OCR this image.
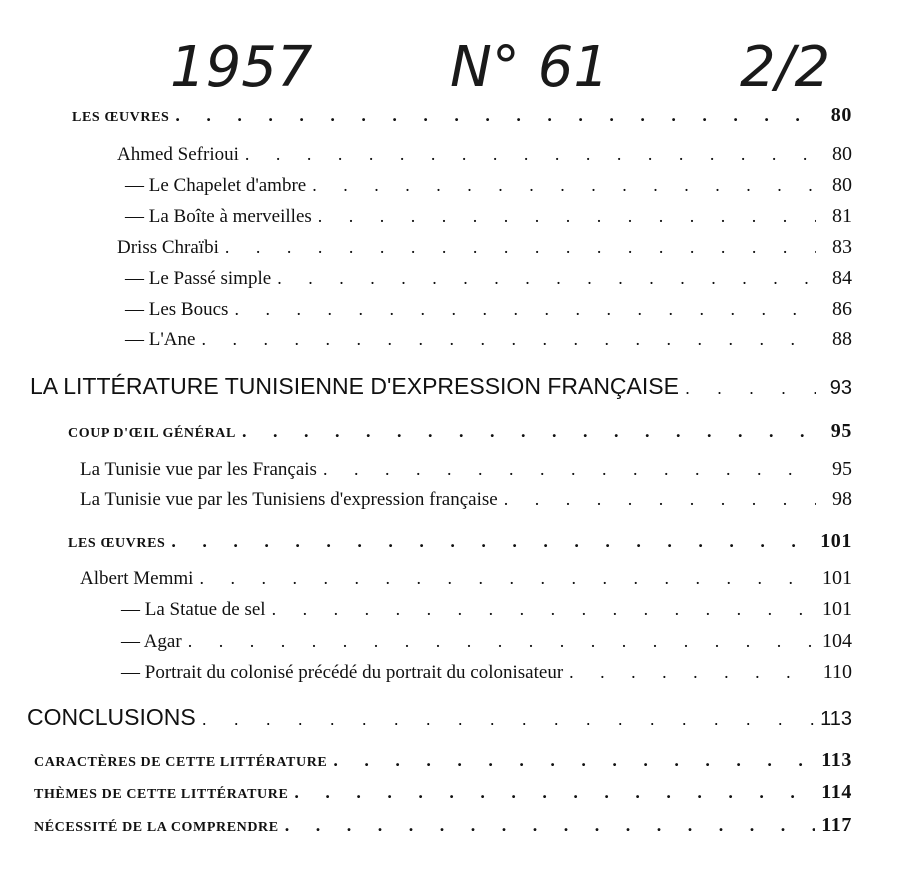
1957 N° 61 2/2
LES ŒUVRES . . .	80
Ahmed Sefrioui . . .	80
— Le Chapelet d'ambre . . .	80
— La Boîte à merveilles . . .	81
Driss Chraïbi . . .	83
— Le Passé simple . . .	84
— Les Boucs . . .	86
— L'Ane . . .	88
LA LITTÉRATURE TUNISIENNE D'EXPRESSION FRANÇAISE . . .	93
COUP D'ŒIL GÉNÉRAL . . .	95
La Tunisie vue par les Français . . .	95
La Tunisie vue par les Tunisiens d'expression française . . .	98
LES ŒUVRES . . .	101
Albert Memmi . . .	101
— La Statue de sel . . .	101
— Agar . . .	104
— Portrait du colonisé précédé du portrait du colonisateur . . .	110
CONCLUSIONS . . .	113
CARACTÈRES DE CETTE LITTÉRATURE . . .	113
THÈMES DE CETTE LITTÉRATURE . . .	114
NÉCESSITÉ DE LA COMPRENDRE . . .	117
